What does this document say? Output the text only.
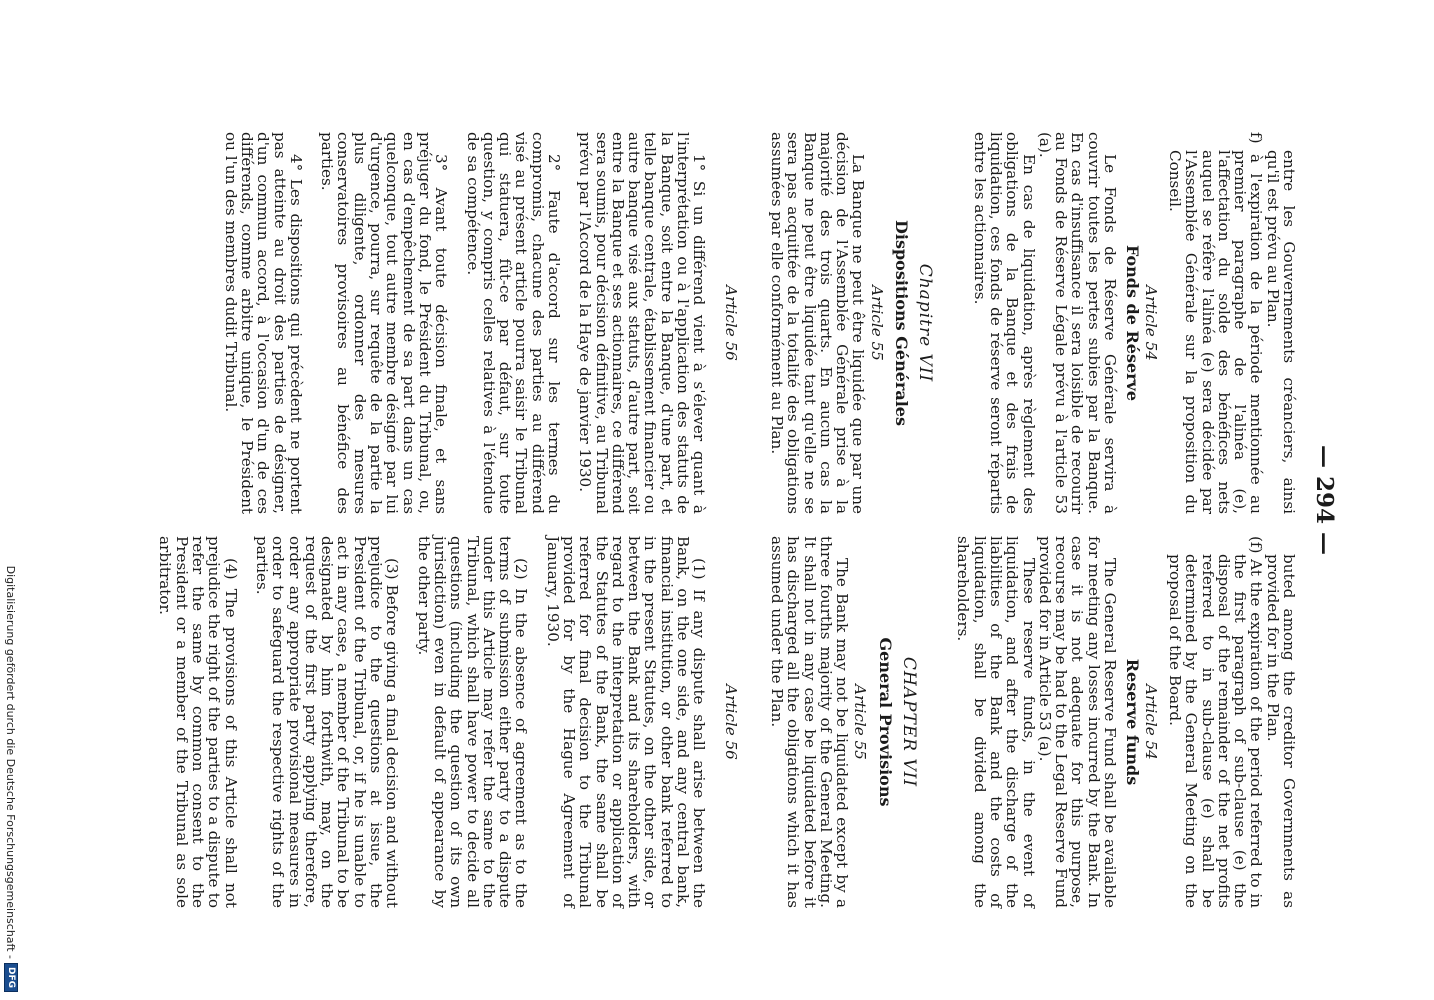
— 294 —

entre les Gouvernements créanciers, ainsi qu'il est prévu au Plan.

f) à l'expiration de la période mentionnée au premier paragraphe de l'alinéa (e), l'affectation du solde des bénéfices nets auquel se réfère l'alinéa (e) sera décidée par l'Assemblée Générale sur la proposition du Conseil.

Article 54
Fonds de Réserve

Le Fonds de Réserve Générale servira à couvrir toutes les pertes subies par la Banque. En cas d'insuffisance il sera loisible de recourir au Fonds de Réserve Légale prévu à l'article 53 (a).

En cas de liquidation, après règlement des obligations de la Banque et des frais de liquidation, ces fonds de réserve seront répartis entre les actionnaires.

Chapitre VII
Dispositions Générales
Article 55

La Banque ne peut être liquidée que par une décision de l'Assemblée Générale prise à la majorité des trois quarts. En aucun cas la Banque ne peut être liquidée tant qu'elle ne se sera pas acquittée de la totalité des obligations assumées par elle conformément au Plan.

Article 56

1° Si un différend vient à s'élever quant à l'interprétation ou à l'application des statuts de la Banque, soit entre la Banque, d'une part, et telle banque centrale, établissement financier ou autre banque visé aux statuts, d'autre part, soit entre la Banque et ses actionnaires, ce différend sera soumis, pour décision définitive, au Tribunal prévu par l'Accord de la Haye de janvier 1930.

2° Faute d'accord sur les termes du compromis, chacune des parties au différend visé au présent article pourra saisir le Tribunal qui statuera, fût-ce par défaut, sur toute question, y compris celles relatives à l'étendue de sa compétence.

3° Avant toute décision finale, et sans préjuger du fond, le Président du Tribunal, ou, en cas d'empêchement de sa part dans un cas quelconque, tout autre membre désigné par lui d'urgence, pourra, sur requête de la partie la plus diligente, ordonner des mesures conservatoires provisoires au bénéfice des parties.

4° Les dispositions qui précèdent ne portent pas atteinte au droit des parties de désigner, d'un commun accord, à l'occasion d'un de ces différends, comme arbitre unique, le Président ou l'un des membres dudit Tribunal.

buted among the creditor Governments as provided for in the Plan.

(f) At the expiration of the period referred to in the first paragraph of sub-clause (e) the disposal of the remainder of the net profits referred to in sub-clause (e) shall be determined by the General Meeting on the proposal of the Board.

Article 54
Reserve funds

The General Reserve Fund shall be available for meeting any losses incurred by the Bank. In case it is not adequate for this purpose, recourse may be had to the Legal Reserve Fund provided for in Article 53 (a).

These reserve funds, in the event of liquidation, and after the discharge of the liabilities of the Bank and the costs of liquidation, shall be divided among the shareholders.

CHAPTER VII
General Provisions
Article 55

The Bank may not be liquidated except by a three fourths majority of the General Meeting. It shall not in any case be liquidated before it has discharged all the obligations which it has assumed under the Plan.

Article 56

(1) If any dispute shall arise between the Bank, on the one side, and any central bank, financial institution, or other bank referred to in the present Statutes, on the other side, or between the Bank and its shareholders, with regard to the interpretation or application of the Statutes of the Bank, the same shall be referred for final decision to the Tribunal provided for by the Hague Agreement of January, 1930.

(2) In the absence of agreement as to the terms of submission either party to a dispute under this Article may refer the same to the Tribunal, which shall have power to decide all questions (including the question of its own jurisdiction) even in default of appearance by the other party.

(3) Before giving a final decision and without prejudice to the questions at issue, the President of the Tribunal, or, if he is unable to act in any case, a member of the Tribunal to be designated by him forthwith, may, on the request of the first party applying therefore, order any appropriate provisional measures in order to safeguard the respective rights of the parties.

(4) The provisions of this Article shall not prejudice the right of the parties to a dispute to refer the same by common consent to the President or a member of the Tribunal as sole arbitrator.

Digitalisierung gefördert durch die Deutsche Forschungsgemeinschaft -
DFG
